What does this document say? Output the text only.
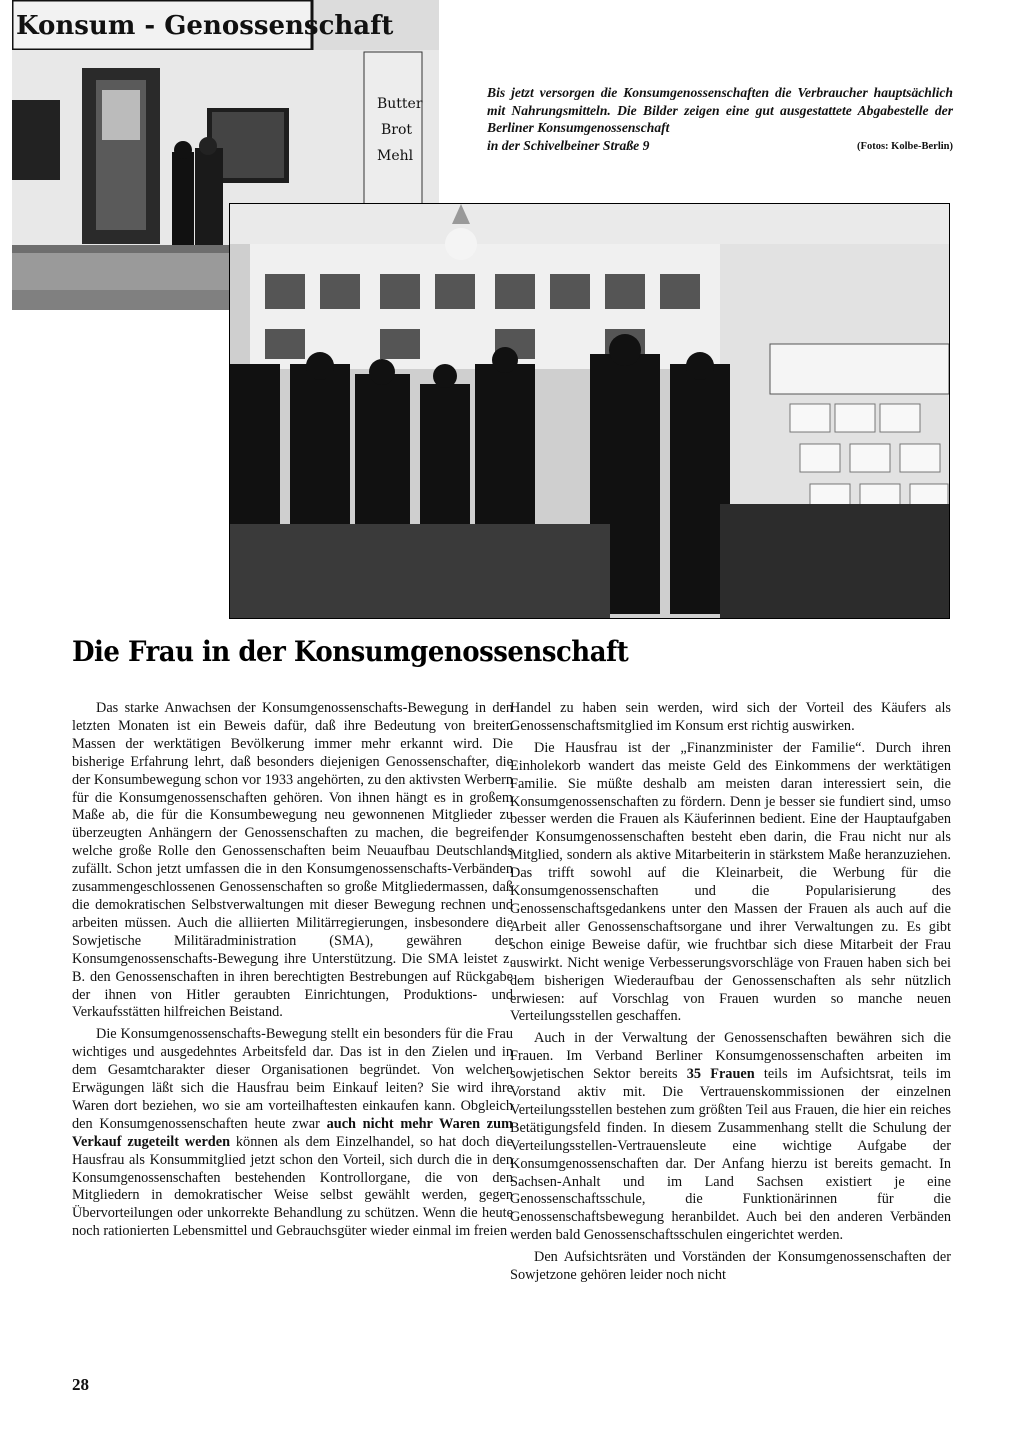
Konsum - Genossenschaft
Butter
Brot
Mehl
Bis jetzt versorgen die Konsumgenossenschaften die Verbraucher hauptsächlich mit Nahrungsmitteln. Die Bilder zeigen eine gut ausgestattete Abgabestelle der Berliner Konsumgenossenschaft
in der Schivelbeiner Straße 9	(Fotos: Kolbe-Berlin)
Die Frau in der Konsumgenossenschaft

Das starke Anwachsen der Konsumgenossenschafts-Bewegung in den letzten Monaten ist ein Beweis dafür, daß ihre Bedeutung von breiten Massen der werktätigen Bevölkerung immer mehr erkannt wird. Die bisherige Erfahrung lehrt, daß besonders diejenigen Genossenschafter, die der Konsumbewegung schon vor 1933 angehörten, zu den aktivsten Werbern für die Konsumgenossenschaften gehören. Von ihnen hängt es in großem Maße ab, die für die Konsumbewegung neu gewonnenen Mitglieder zu überzeugten Anhängern der Genossenschaften zu machen, die begreifen, welche große Rolle den Genossenschaften beim Neuaufbau Deutschlands zufällt. Schon jetzt umfassen die in den Konsumgenossenschafts-Verbänden zusammengeschlossenen Genossenschaften so große Mitgliedermassen, daß die demokratischen Selbstverwaltungen mit dieser Bewegung rechnen und arbeiten müssen. Auch die alliierten Militärregierungen, insbesondere die Sowjetische Militäradministration (SMA), gewähren der Konsumgenossenschafts-Bewegung ihre Unterstützung. Die SMA leistet z. B. den Genossenschaften in ihren berechtigten Bestrebungen auf Rückgabe der ihnen von Hitler geraubten Einrichtungen, Produktions- und Verkaufsstätten hilfreichen Beistand.

Die Konsumgenossenschafts-Bewegung stellt ein besonders für die Frau wichtiges und ausgedehntes Arbeitsfeld dar. Das ist in den Zielen und in dem Gesamtcharakter dieser Organisationen begründet. Von welchen Erwägungen läßt sich die Hausfrau beim Einkauf leiten? Sie wird ihre Waren dort beziehen, wo sie am vorteilhaftesten einkaufen kann. Obgleich den Konsumgenossenschaften heute zwar auch nicht mehr Waren zum Verkauf zugeteilt werden können als dem Einzelhandel, so hat doch die Hausfrau als Konsummitglied jetzt schon den Vorteil, sich durch die in den Konsumgenossenschaften bestehenden Kontrollorgane, die von den Mitgliedern in demokratischer Weise selbst gewählt werden, gegen Übervorteilungen oder unkorrekte Behandlung zu schützen. Wenn die heute noch rationierten Lebensmittel und Gebrauchsgüter wieder einmal im freien

Handel zu haben sein werden, wird sich der Vorteil des Käufers als Genossenschaftsmitglied im Konsum erst richtig auswirken.

Die Hausfrau ist der „Finanzminister der Familie“. Durch ihren Einholekorb wandert das meiste Geld des Einkommens der werktätigen Familie. Sie müßte deshalb am meisten daran interessiert sein, die Konsumgenossenschaften zu fördern. Denn je besser sie fundiert sind, umso besser werden die Frauen als Käuferinnen bedient. Eine der Hauptaufgaben der Konsumgenossenschaften besteht eben darin, die Frau nicht nur als Mitglied, sondern als aktive Mitarbeiterin in stärkstem Maße heranzuziehen. Das trifft sowohl auf die Kleinarbeit, die Werbung für die Konsumgenossenschaften und die Popularisierung des Genossenschaftsgedankens unter den Massen der Frauen als auch auf die Arbeit aller Genossenschaftsorgane und ihrer Verwaltungen zu. Es gibt schon einige Beweise dafür, wie fruchtbar sich diese Mitarbeit der Frau auswirkt. Nicht wenige Verbesserungsvorschläge von Frauen haben sich bei dem bisherigen Wiederaufbau der Genossenschaften als sehr nützlich erwiesen: auf Vorschlag von Frauen wurden so manche neuen Verteilungsstellen geschaffen.

Auch in der Verwaltung der Genossenschaften bewähren sich die Frauen. Im Verband Berliner Konsumgenossenschaften arbeiten im sowjetischen Sektor bereits 35 Frauen teils im Aufsichtsrat, teils im Vorstand aktiv mit. Die Vertrauenskommissionen der einzelnen Verteilungsstellen bestehen zum größten Teil aus Frauen, die hier ein reiches Betätigungsfeld finden. In diesem Zusammenhang stellt die Schulung der Verteilungsstellen-Vertrauensleute eine wichtige Aufgabe der Konsumgenossenschaften dar. Der Anfang hierzu ist bereits gemacht. In Sachsen-Anhalt und im Land Sachsen existiert je eine Genossenschaftsschule, die Funktionärinnen für die Genossenschaftsbewegung heranbildet. Auch bei den anderen Verbänden werden bald Genossenschaftsschulen eingerichtet werden.

Den Aufsichtsräten und Vorständen der Konsumgenossenschaften der Sowjetzone gehören leider noch nicht

28
